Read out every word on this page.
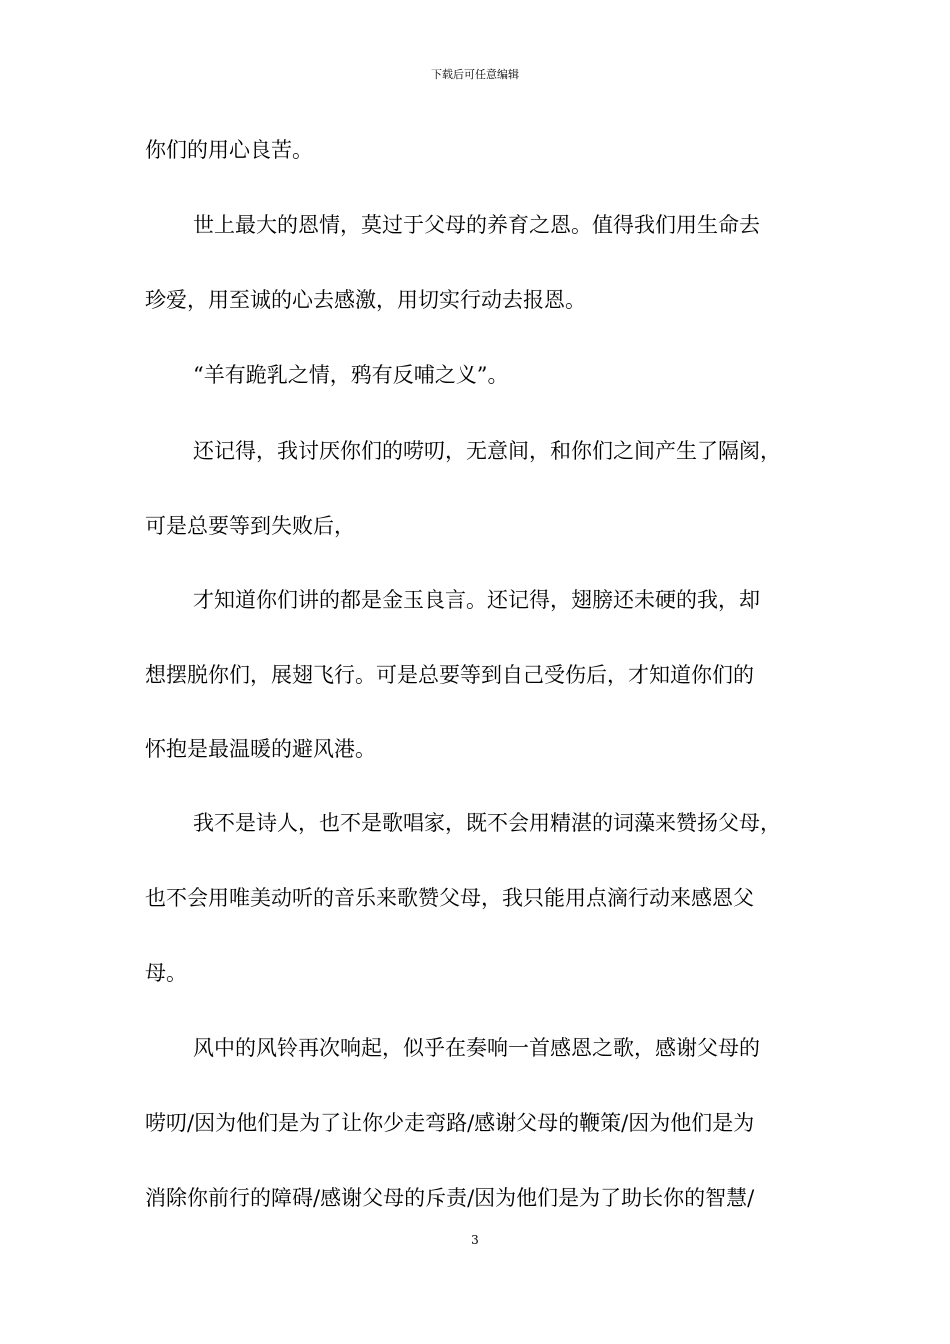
下载后可任意编辑
你们的用心良苦。
世上最大的恩情，莫过于父母的养育之恩。值得我们用生命去
珍爱，用至诚的心去感激，用切实行动去报恩。
“羊有跪乳之情，鸦有反哺之义”。
还记得，我讨厌你们的唠叨，无意间，和你们之间产生了隔阂，
可是总要等到失败后，
才知道你们讲的都是金玉良言。还记得，翅膀还未硬的我，却
想摆脱你们，展翅飞行。可是总要等到自己受伤后，才知道你们的
怀抱是最温暖的避风港。
我不是诗人，也不是歌唱家，既不会用精湛的词藻来赞扬父母，
也不会用唯美动听的音乐来歌赞父母，我只能用点滴行动来感恩父
母。
风中的风铃再次响起，似乎在奏响一首感恩之歌，感谢父母的
唠叨/因为他们是为了让你少走弯路/感谢父母的鞭策/因为他们是为
消除你前行的障碍/感谢父母的斥责/因为他们是为了助长你的智慧/
3
